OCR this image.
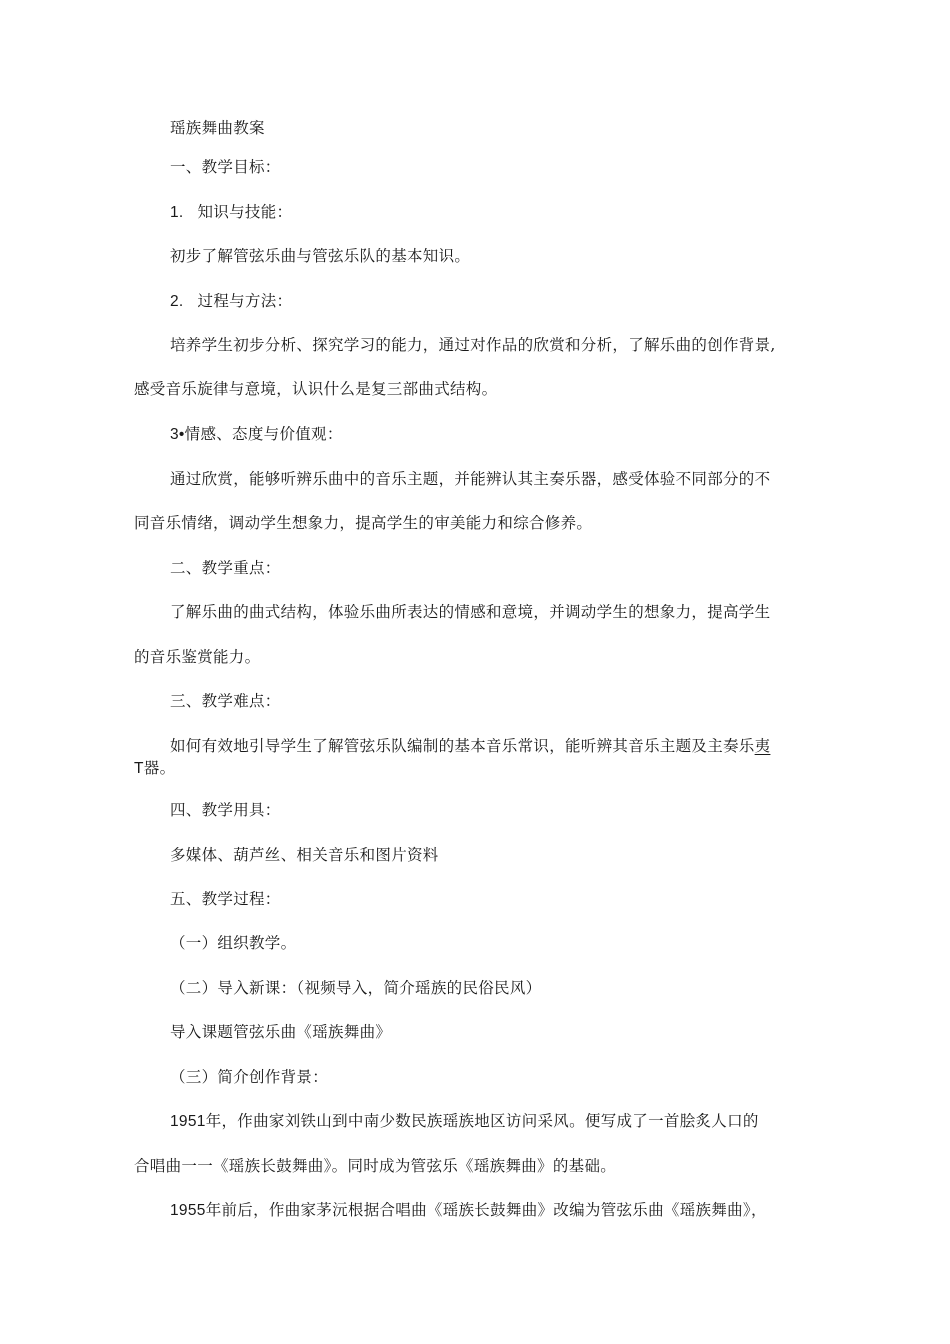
瑶族舞曲教案
一、教学目标：
1. 知识与技能：
初步了解管弦乐曲与管弦乐队的基本知识。
2. 过程与方法：
培养学生初步分析、探究学习的能力，通过对作品的欣赏和分析，了解乐曲的创作背景,
感受音乐旋律与意境，认识什么是复三部曲式结构。
3•情感、态度与价值观：
通过欣赏，能够听辨乐曲中的音乐主题，并能辨认其主奏乐器，感受体验不同部分的不
同音乐情绪，调动学生想象力，提高学生的审美能力和综合修养。
二、教学重点：
了解乐曲的曲式结构，体验乐曲所表达的情感和意境，并调动学生的想象力，提高学生
的音乐鉴赏能力。
三、教学难点：
如何有效地引导学生了解管弦乐队编制的基本音乐常识，能听辨其音乐主题及主奏乐夷
T器。
四、教学用具：
多媒体、葫芦丝、相关音乐和图片资料
五、教学过程：
（一）组织教学。
（二）导入新课：（视频导入，简介瑶族的民俗民风）
导入课题管弦乐曲《瑶族舞曲》
（三）简介创作背景：
1951年，作曲家刘铁山到中南少数民族瑶族地区访问采风。便写成了一首脍炙人口的
合唱曲一一《瑶族长鼓舞曲》。同时成为管弦乐《瑶族舞曲》的基础。
1955年前后，作曲家茅沅根据合唱曲《瑶族长鼓舞曲》改编为管弦乐曲《瑶族舞曲》，
